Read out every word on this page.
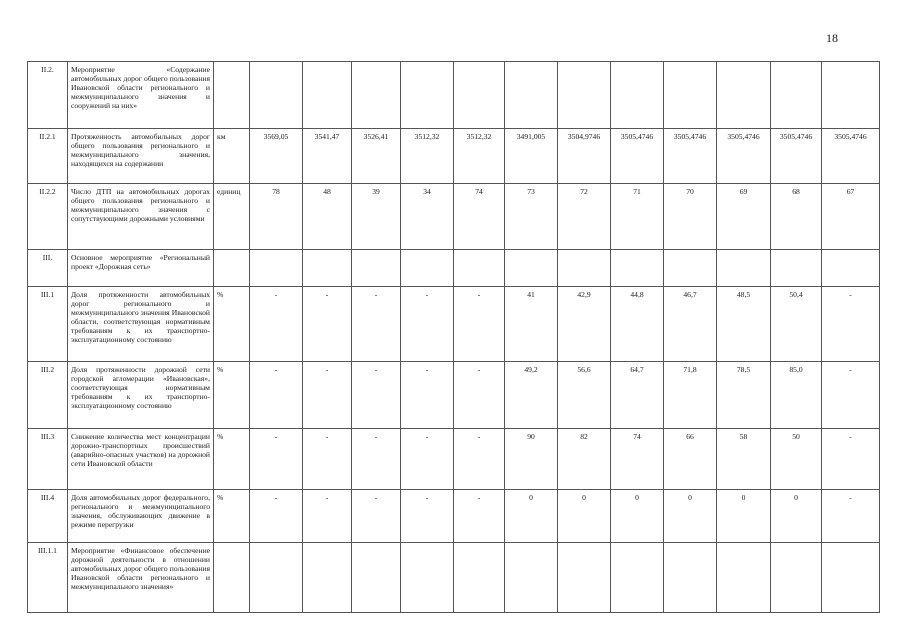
18
II.2.	Мероприятие «Содержание автомобильных дорог общего пользования Ивановской области регионального и межмуниципального значения и сооружений на них»													
II.2.1	Протяженность автомобильных дорог общего пользования регионального и межмуниципального значения, находящихся на содержании	км	3569,05	3541,47	3526,41	3512,32	3512,32	3491,005	3504,9746	3505,4746	3505,4746	3505,4746	3505,4746	3505,4746
II.2.2	Число ДТП на автомобильных дорогах общего пользования регионального и межмуниципального значения с сопутствующими дорожными условиями	единиц	78	48	39	34	74	73	72	71	70	69	68	67
III.	Основное мероприятие «Региональный проект «Дорожная сеть»													
III.1	Доля протяженности автомобильных дорог регионального и межмуниципального значения Ивановской области, соответствующая нормативным требованиям к их транспортно-эксплуатационному состоянию	%	-	-	-	-	-	41	42,9	44,8	46,7	48,5	50,4	-
III.2	Доля протяженности дорожной сети городской агломерации «Ивановская», соответствующая нормативным требованиям к их транспортно-эксплуатационному состоянию	%	-	-	-	-	-	49,2	56,6	64,7	71,8	78,5	85,0	-
III.3	Снижение количества мест концентрации дорожно-транспортных происшествий (аварийно-опасных участков) на дорожной сети Ивановской области	%	-	-	-	-	-	90	82	74	66	58	50	-
III.4	Доля автомобильных дорог федерального, регионального и межмуниципального значения, обслуживающих движение в режиме перегрузки	%	-	-	-	-	-	0	0	0	0	0	0	-
III.1.1	Мероприятие «Финансовое обеспечение дорожной деятельности в отношении автомобильных дорог общего пользования Ивановской области регионального и межмуниципального значения»													
